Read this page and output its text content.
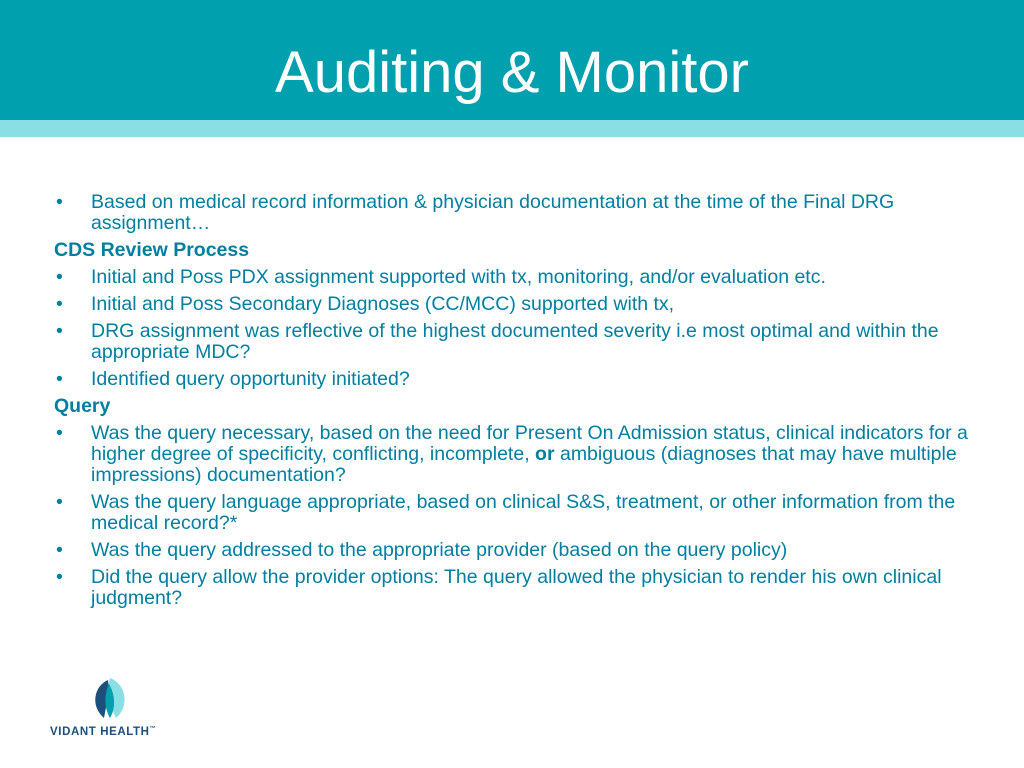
Auditing & Monitor
• Based on medical record information & physician documentation at the time of the Final DRG assignment…
CDS Review Process
• Initial and Poss PDX assignment supported with tx, monitoring, and/or evaluation etc.
• Initial and Poss Secondary Diagnoses (CC/MCC) supported with tx,
• DRG assignment was reflective of the highest documented severity i.e most optimal and within the appropriate MDC?
• Identified query opportunity initiated?
Query
• Was the query necessary, based on the need for Present On Admission status, clinical indicators for a higher degree of specificity, conflicting, incomplete, or ambiguous (diagnoses that may have multiple impressions) documentation?
• Was the query language appropriate, based on clinical S&S, treatment, or other information from the medical record?*
• Was the query addressed to the appropriate provider (based on the query policy)
• Did the query allow the provider options: The query allowed the physician to render his own clinical judgment?
VIDANT HEALTH™
